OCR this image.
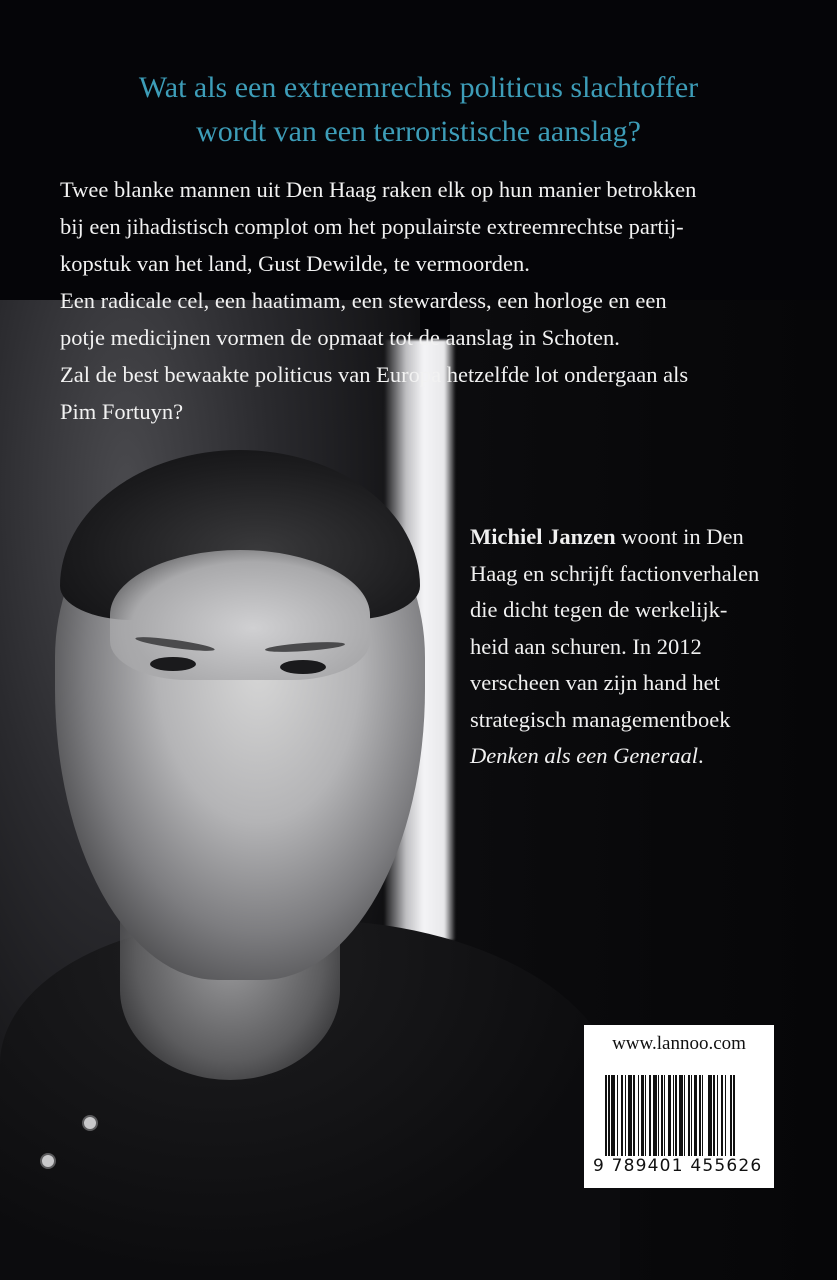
Wat als een extreemrechts politicus slachtoffer
wordt van een terroristische aanslag?

Twee blanke mannen uit Den Haag raken elk op hun manier betrokken

bij een jihadistisch complot om het populairste extreemrechtse partij-

kopstuk van het land, Gust Dewilde, te vermoorden.

Een radicale cel, een haatimam, een stewardess, een horloge en een

potje medicijnen vormen de opmaat tot de aanslag in Schoten.

Zal de best bewaakte politicus van Europa hetzelfde lot ondergaan als

Pim Fortuyn?

Michiel Janzen woont in Den
Haag en schrijft factionverhalen
die dicht tegen de werkelijk-
heid aan schuren. In 2012
verscheen van zijn hand het
strategisch managementboek
Denken als een Generaal.
www.lannoo.com
9 789401 455626
